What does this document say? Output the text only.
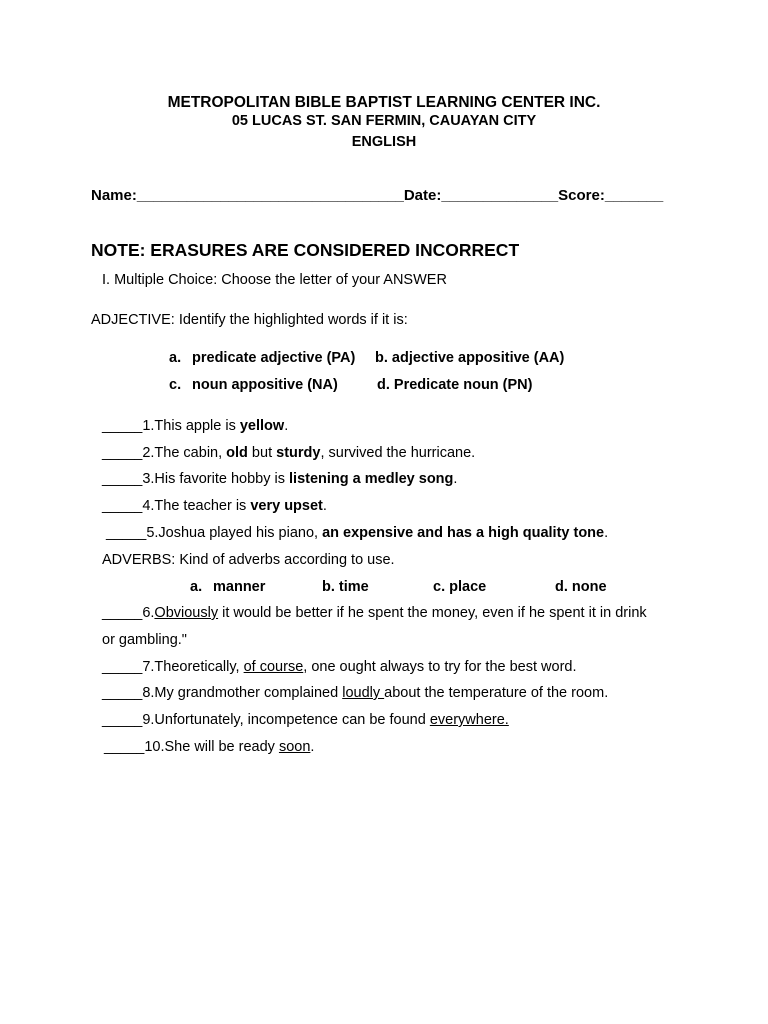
METROPOLITAN BIBLE BAPTIST LEARNING CENTER INC.
05 LUCAS ST. SAN FERMIN, CAUAYAN CITY
ENGLISH
Name:________________________________Date:______________Score:_______
NOTE: ERASURES ARE CONSIDERED INCORRECT
I. Multiple Choice: Choose the letter of your ANSWER
ADJECTIVE: Identify the highlighted words if it is:
a. predicate adjective (PA) b. adjective appositive (AA)
c. noun appositive (NA)	d. Predicate noun (PN)
_____1.This apple is yellow.
_____2.The cabin, old but sturdy, survived the hurricane.
_____3.His favorite hobby is listening a medley song.
_____4.The teacher is very upset.
_____5.Joshua played his piano, an expensive and has a high quality tone.
ADVERBS: Kind of adverbs according to use.
a. manner	b. time	c. place	d. none
_____6.Obviously it would be better if he spent the money, even if he spent it in drink
or gambling."
_____7.Theoretically, of course, one ought always to try for the best word.
_____8.My grandmother complained loudly about the temperature of the room.
_____9.Unfortunately, incompetence can be found everywhere.
_____10.She will be ready soon.
